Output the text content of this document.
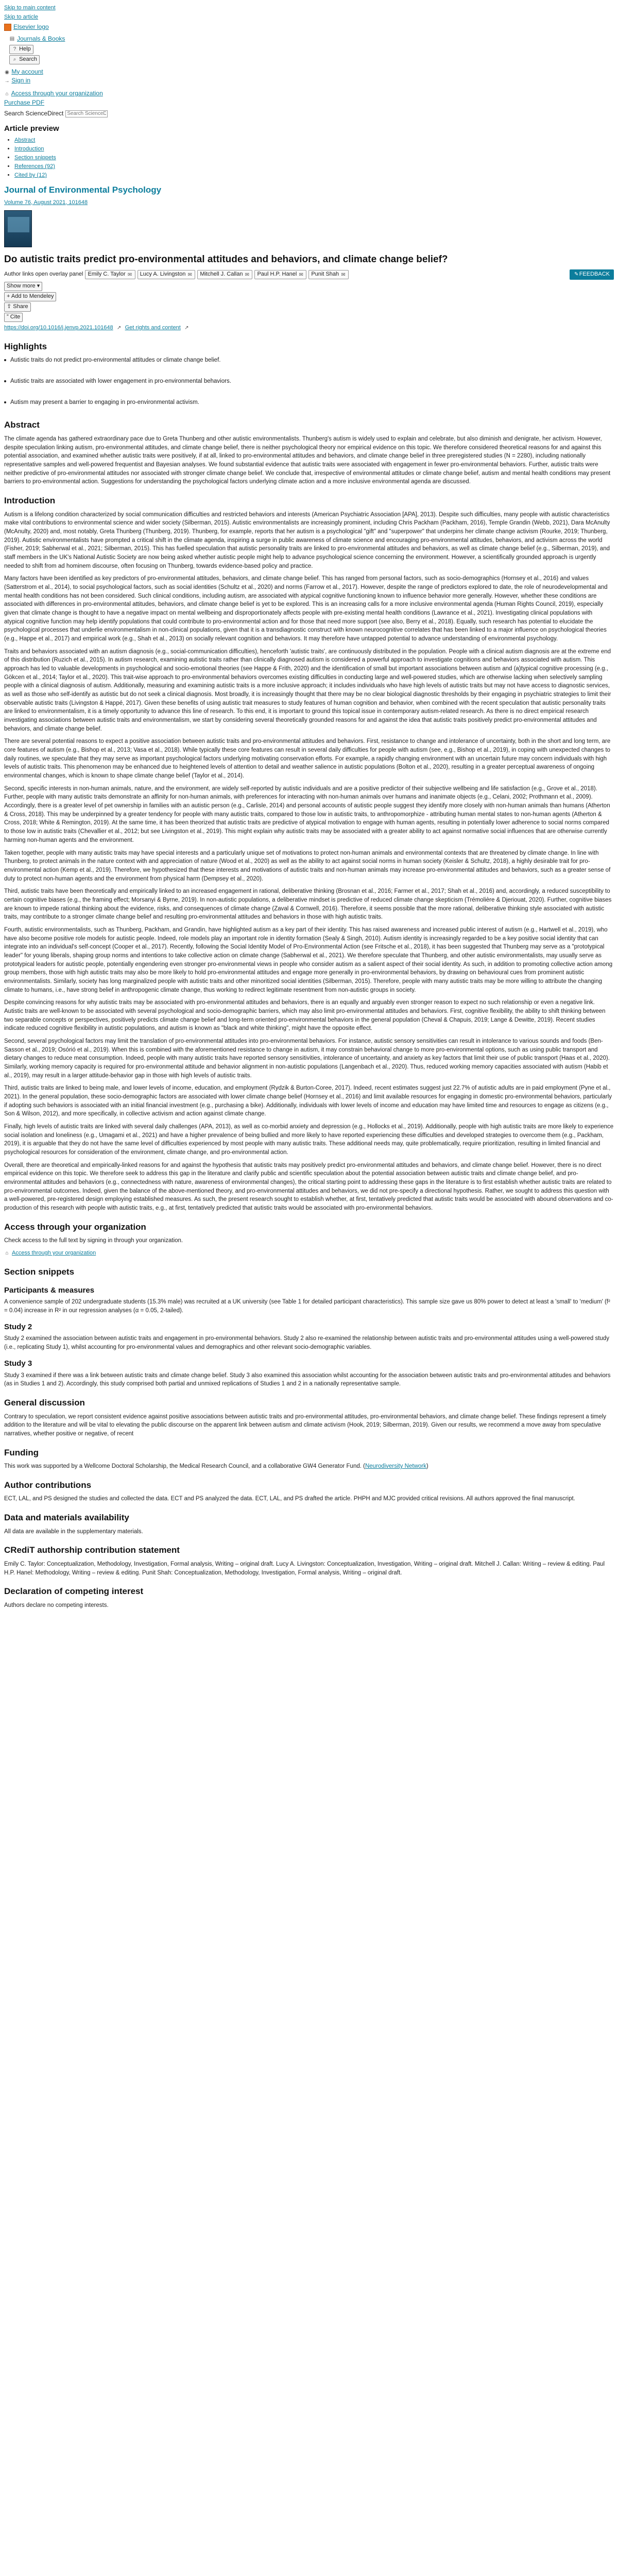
Skip to main content
Skip to article
Elsevier logo
▤ Journals & Books
? Help
⌕ Search
◉ My account
→ Sign in
⌂ Access through your organization
Purchase PDF
Search ScienceDirect
Search ScienceDirect
Article preview
• Abstract
• Introduction
• Section snippets
• References (92)
• Cited by (12)
Journal of Environmental Psychology
Volume 76, August 2021, 101648
Do autistic traits predict pro-environmental attitudes and behaviors, and climate change belief?
Author links open overlay panel Emily C. Taylor ✉ Lucy A. Livingston ✉ Mitchell J. Callan ✉ Paul H.P. Hanel ✉ Punit Shah ✉	✎FEEDBACK
Show more ▾
+ Add to Mendeley
⇪ Share
” Cite
https://doi.org/10.1016/j.jenvp.2021.101648 ↗ Get rights and content ↗
Highlights
Autistic traits do not predict pro-environmental attitudes or climate change belief.
Autistic traits are associated with lower engagement in pro-environmental behaviors.
Autism may present a barrier to engaging in pro-environmental activism.
Abstract

The climate agenda has gathered extraordinary pace due to Greta Thunberg and other autistic environmentalists. Thunberg's autism is widely used to explain and celebrate, but also diminish and denigrate, her activism. However, despite speculation linking autism, pro-environmental attitudes, and climate change belief, there is neither psychological theory nor empirical evidence on this topic. We therefore considered theoretical reasons for and against this potential association, and examined whether autistic traits were positively, if at all, linked to pro-environmental attitudes and behaviors, and climate change belief in three preregistered studies (N = 2280), including nationally representative samples and well-powered frequentist and Bayesian analyses. We found substantial evidence that autistic traits were associated with engagement in fewer pro-environmental behaviors. Further, autistic traits were neither predictive of pro-environmental attitudes nor associated with stronger climate change belief. We conclude that, irrespective of environmental attitudes or climate change belief, autism and mental health conditions may present barriers to pro-environmental action. Suggestions for understanding the psychological factors underlying climate action and a more inclusive environmental agenda are discussed.

Introduction

Autism is a lifelong condition characterized by social communication difficulties and restricted behaviors and interests (American Psychiatric Association [APA], 2013). Despite such difficulties, many people with autistic characteristics make vital contributions to environmental science and wider society (Silberman, 2015). Autistic environmentalists are increasingly prominent, including Chris Packham (Packham, 2016), Temple Grandin (Webb, 2021), Dara McAnulty (McAnulty, 2020) and, most notably, Greta Thunberg (Thunberg, 2019). Thunberg, for example, reports that her autism is a psychological "gift" and "superpower" that underpins her climate change activism (Rourke, 2019; Thunberg, 2019). Autistic environmentalists have prompted a critical shift in the climate agenda, inspiring a surge in public awareness of climate science and encouraging pro-environmental attitudes, behaviors, and activism across the world (Fisher, 2019; Sabherwal et al., 2021; Silberman, 2015). This has fuelled speculation that autistic personality traits are linked to pro-environmental attitudes and behaviors, as well as climate change belief (e.g., Silberman, 2019), and staff members in the UK's National Autistic Society are now being asked whether autistic people might help to advance psychological science concerning the environment. However, a scientifically grounded approach is urgently needed to shift from ad hominem discourse, often focusing on Thunberg, towards evidence-based policy and practice.

Many factors have been identified as key predictors of pro-environmental attitudes, behaviors, and climate change belief. This has ranged from personal factors, such as socio-demographics (Hornsey et al., 2016) and values (Satterstrom et al., 2014), to social psychological factors, such as social identities (Schultz et al., 2020) and norms (Farrow et al., 2017). However, despite the range of predictors explored to date, the role of neurodevelopmental and mental health conditions has not been considered. Such clinical conditions, including autism, are associated with atypical cognitive functioning known to influence behavior more generally. However, whether these conditions are associated with differences in pro-environmental attitudes, behaviors, and climate change belief is yet to be explored. This is an increasing calls for a more inclusive environmental agenda (Human Rights Council, 2019), especially given that climate change is thought to have a negative impact on mental wellbeing and disproportionately affects people with pre-existing mental health conditions (Lawrance et al., 2021). Investigating clinical populations with atypical cognitive function may help identify populations that could contribute to pro-environmental action and for those that need more support (see also, Berry et al., 2018). Equally, such research has potential to elucidate the psychological processes that underlie environmentalism in non-clinical populations, given that it is a transdiagnostic construct with known neurocognitive correlates that has been linked to a major influence on psychological theories (e.g., Happe et al., 2017) and empirical work (e.g., Shah et al., 2013) on socially relevant cognition and behaviors. It may therefore have untapped potential to advance understanding of environmental psychology.

Traits and behaviors associated with an autism diagnosis (e.g., social-communication difficulties), henceforth 'autistic traits', are continuously distributed in the population. People with a clinical autism diagnosis are at the extreme end of this distribution (Ruzich et al., 2015). In autism research, examining autistic traits rather than clinically diagnosed autism is considered a powerful approach to investigate cognitions and behaviors associated with autism. This approach has led to valuable developments in psychological and socio-emotional theories (see Happe & Frith, 2020) and the identification of small but important associations between autism and (a)typical cognitive processing (e.g., Gökcen et al., 2014; Taylor et al., 2020). This trait-wise approach to pro-environmental behaviors overcomes existing difficulties in conducting large and well-powered studies, which are otherwise lacking when selectively sampling people with a clinical diagnosis of autism. Additionally, measuring and examining autistic traits is a more inclusive approach; it includes individuals who have high levels of autistic traits but may not have access to diagnostic services, as well as those who self-identify as autistic but do not seek a clinical diagnosis. Most broadly, it is increasingly thought that there may be no clear biological diagnostic thresholds by their engaging in psychiatric strategies to limit their observable autistic traits (Livingston & Happé, 2017). Given these benefits of using autistic trait measures to study features of human cognition and behavior, when combined with the recent speculation that autistic personality traits are linked to environmentalism, it is a timely opportunity to advance this line of research. To this end, it is important to ground this topical issue in contemporary autism-related research. As there is no direct empirical research investigating associations between autistic traits and environmentalism, we start by considering several theoretically grounded reasons for and against the idea that autistic traits positively predict pro-environmental attitudes and behaviors, and climate change belief.

There are several potential reasons to expect a positive association between autistic traits and pro-environmental attitudes and behaviors. First, resistance to change and intolerance of uncertainty, both in the short and long term, are core features of autism (e.g., Bishop et al., 2013; Vasa et al., 2018). While typically these core features can result in several daily difficulties for people with autism (see, e.g., Bishop et al., 2019), in coping with unexpected changes to daily routines, we speculate that they may serve as important psychological factors underlying motivating conservation efforts. For example, a rapidly changing environment with an uncertain future may concern individuals with high levels of autistic traits. This phenomenon may be enhanced due to heightened levels of attention to detail and weather salience in autistic populations (Bolton et al., 2020), resulting in a greater perceptual awareness of ongoing environmental changes, which is known to shape climate change belief (Taylor et al., 2014).

Second, specific interests in non-human animals, nature, and the environment, are widely self-reported by autistic individuals and are a positive predictor of their subjective wellbeing and life satisfaction (e.g., Grove et al., 2018). Further, people with many autistic traits demonstrate an affinity for non-human animals, with preferences for interacting with non-human animals over humans and inanimate objects (e.g., Celani, 2002; Prothmann et al., 2009). Accordingly, there is a greater level of pet ownership in families with an autistic person (e.g., Carlisle, 2014) and personal accounts of autistic people suggest they identify more closely with non-human animals than humans (Atherton & Cross, 2018). This may be underpinned by a greater tendency for people with many autistic traits, compared to those low in autistic traits, to anthropomorphize - attributing human mental states to non-human agents (Atherton & Cross, 2018; White & Remington, 2019). At the same time, it has been theorized that autistic traits are predictive of atypical motivation to engage with human agents, resulting in potentially lower adherence to social norms compared to those low in autistic traits (Chevallier et al., 2012; but see Livingston et al., 2019). This might explain why autistic traits may be associated with a greater ability to act against normative social influences that are otherwise currently harming non-human agents and the environment.

Taken together, people with many autistic traits may have special interests and a particularly unique set of motivations to protect non-human animals and environmental contexts that are threatened by climate change. In line with Thunberg, to protect animals in the nature context with and appreciation of nature (Wood et al., 2020) as well as the ability to act against social norms in human society (Keisler & Schultz, 2018), a highly desirable trait for pro-environmental action (Kemp et al., 2019). Therefore, we hypothesized that these interests and motivations of autistic traits and non-human animals may increase pro-environmental attitudes and behaviors, such as a greater sense of duty to protect non-human agents and the environment from physical harm (Dempsey et al., 2020).

Third, autistic traits have been theoretically and empirically linked to an increased engagement in rational, deliberative thinking (Brosnan et al., 2016; Farmer et al., 2017; Shah et al., 2016) and, accordingly, a reduced susceptibility to certain cognitive biases (e.g., the framing effect; Morsanyi & Byrne, 2019). In non-autistic populations, a deliberative mindset is predictive of reduced climate change skepticism (Trémolière & Djeriouat, 2020). Further, cognitive biases are known to impede rational thinking about the evidence, risks, and consequences of climate change (Zaval & Cornwell, 2016). Therefore, it seems possible that the more rational, deliberative thinking style associated with autistic traits, may contribute to a stronger climate change belief and resulting pro-environmental attitudes and behaviors in those with high autistic traits.

Fourth, autistic environmentalists, such as Thunberg, Packham, and Grandin, have highlighted autism as a key part of their identity. This has raised awareness and increased public interest of autism (e.g., Hartwell et al., 2019), who have also become positive role models for autistic people. Indeed, role models play an important role in identity formation (Sealy & Singh, 2010). Autism identity is increasingly regarded to be a key positive social identity that can integrate into an individual's self-concept (Cooper et al., 2017). Recently, following the Social Identity Model of Pro-Environmental Action (see Fritsche et al., 2018), it has been suggested that Thunberg may serve as a "prototypical leader" for young liberals, shaping group norms and intentions to take collective action on climate change (Sabherwal et al., 2021). We therefore speculate that Thunberg, and other autistic environmentalists, may usually serve as prototypical leaders for autistic people, potentially engendering even stronger pro-environmental views in people who consider autism as a salient aspect of their social identity. As such, in addition to promoting collective action among group members, those with high autistic traits may also be more likely to hold pro-environmental attitudes and engage more generally in pro-environmental behaviors, by drawing on behavioural cues from prominent autistic environmentalists. Similarly, society has long marginalized people with autistic traits and other minoritized social identities (Silberman, 2015). Therefore, people with many autistic traits may be more willing to attribute the changing climate to humans, i.e., have strong belief in anthropogenic climate change, thus working to redirect legitimate resentment from non-autistic groups in society.

Despite convincing reasons for why autistic traits may be associated with pro-environmental attitudes and behaviors, there is an equally and arguably even stronger reason to expect no such relationship or even a negative link. Autistic traits are well-known to be associated with several psychological and socio-demographic barriers, which may also limit pro-environmental attitudes and behaviors. First, cognitive flexibility, the ability to shift thinking between two separable concepts or perspectives, positively predicts climate change belief and long-term oriented pro-environmental behaviors in the general population (Cheval & Chapuis, 2019; Lange & Dewitte, 2019). Recent studies indicate reduced cognitive flexibility in autistic populations, and autism is known as "black and white thinking", might have the opposite effect.

Second, several psychological factors may limit the translation of pro-environmental attitudes into pro-environmental behaviors. For instance, autistic sensory sensitivities can result in intolerance to various sounds and foods (Ben-Sasson et al., 2019; Osórió et al., 2019). When this is combined with the aforementioned resistance to change in autism, it may constrain behavioral change to more pro-environmental options, such as using public transport and dietary changes to reduce meat consumption. Indeed, people with many autistic traits have reported sensory sensitivities, intolerance of uncertainty, and anxiety as key factors that limit their use of public transport (Haas et al., 2020). Similarly, working memory capacity is required for pro-environmental attitude and behavior alignment in non-autistic populations (Langenbach et al., 2020). Thus, reduced working memory capacities associated with autism (Habib et al., 2019), may result in a larger attitude-behavior gap in those with high levels of autistic traits.

Third, autistic traits are linked to being male, and lower levels of income, education, and employment (Rydzik & Burton-Coree, 2017). Indeed, recent estimates suggest just 22.7% of autistic adults are in paid employment (Pyne et al., 2021). In the general population, these socio-demographic factors are associated with lower climate change belief (Hornsey et al., 2016) and limit available resources for engaging in domestic pro-environmental behaviors, particularly if adopting such behaviors is associated with an initial financial investment (e.g., purchasing a bike). Additionally, individuals with lower levels of income and education may have limited time and resources to engage as citizens (e.g., Son & Wilson, 2012), and more specifically, in collective activism and action against climate change.

Finally, high levels of autistic traits are linked with several daily challenges (APA, 2013), as well as co-morbid anxiety and depression (e.g., Hollocks et al., 2019). Additionally, people with high autistic traits are more likely to experience social isolation and loneliness (e.g., Umagami et al., 2021) and have a higher prevalence of being bullied and more likely to have reported experiencing these difficulties and developed strategies to overcome them (e.g., Packham, 2019), it is arguable that they do not have the same level of difficulties experienced by most people with many autistic traits. These additional needs may, quite problematically, require prioritization, resulting in limited financial and psychological resources for consideration of the environment, climate change, and pro-environmental action.

Overall, there are theoretical and empirically-linked reasons for and against the hypothesis that autistic traits may positively predict pro-environmental attitudes and behaviors, and climate change belief. However, there is no direct empirical evidence on this topic. We therefore seek to address this gap in the literature and clarify public and scientific speculation about the potential association between autistic traits and climate change belief, and pro-environmental attitudes and behaviors (e.g., connectedness with nature, awareness of environmental changes), the critical starting point to addressing these gaps in the literature is to first establish whether autistic traits are related to pro-environmental outcomes. Indeed, given the balance of the above-mentioned theory, and pro-environmental attitudes and behaviors, we did not pre-specify a directional hypothesis. Rather, we sought to address this question with a well-powered, pre-registered design employing established measures. As such, the present research sought to establish whether, at first, tentatively predicted that autistic traits would be associated with abound observations and co-production of this research with people with autistic traits, e.g., at first, tentatively predicted that autistic traits would be associated with pro-environmental behaviors.

Access through your organization

Check access to the full text by signing in through your organization.

⌂ Access through your organization
Section snippets
Participants & measures

A convenience sample of 202 undergraduate students (15.3% male) was recruited at a UK university (see Table 1 for detailed participant characteristics). This sample size gave us 80% power to detect at least a 'small' to 'medium' (f² = 0.04) increase in R² in our regression analyses (α = 0.05, 2-tailed).

Study 2

Study 2 examined the association between autistic traits and engagement in pro-environmental behaviors. Study 2 also re-examined the relationship between autistic traits and pro-environmental attitudes using a well-powered study (i.e., replicating Study 1), whilst accounting for pro-environmental values and demographics and other relevant socio-demographic variables.

Study 3

Study 3 examined if there was a link between autistic traits and climate change belief. Study 3 also examined this association whilst accounting for the association between autistic traits and pro-environmental attitudes and behaviors (as in Studies 1 and 2). Accordingly, this study comprised both partial and unmixed replications of Studies 1 and 2 in a nationally representative sample.

General discussion

Contrary to speculation, we report consistent evidence against positive associations between autistic traits and pro-environmental attitudes, pro-environmental behaviors, and climate change belief. These findings represent a timely addition to the literature and will be vital to elevating the public discourse on the apparent link between autism and climate activism (Hook, 2019; Silberman, 2019). Given our results, we recommend a move away from speculative narratives, whether positive or negative, of recent

Funding

This work was supported by a Wellcome Doctoral Scholarship, the Medical Research Council, and a collaborative GW4 Generator Fund. (Neurodiversity Network)

Author contributions

ECT, LAL, and PS designed the studies and collected the data. ECT and PS analyzed the data. ECT, LAL, and PS drafted the article. PHPH and MJC provided critical revisions. All authors approved the final manuscript.

Data and materials availability

All data are available in the supplementary materials.

CRediT authorship contribution statement

Emily C. Taylor: Conceptualization, Methodology, Investigation, Formal analysis, Writing – original draft. Lucy A. Livingston: Conceptualization, Investigation, Writing – original draft. Mitchell J. Callan: Writing – review & editing. Paul H.P. Hanel: Methodology, Writing – review & editing. Punit Shah: Conceptualization, Methodology, Investigation, Formal analysis, Writing – original draft.

Declaration of competing interest

Authors declare no competing interests.
